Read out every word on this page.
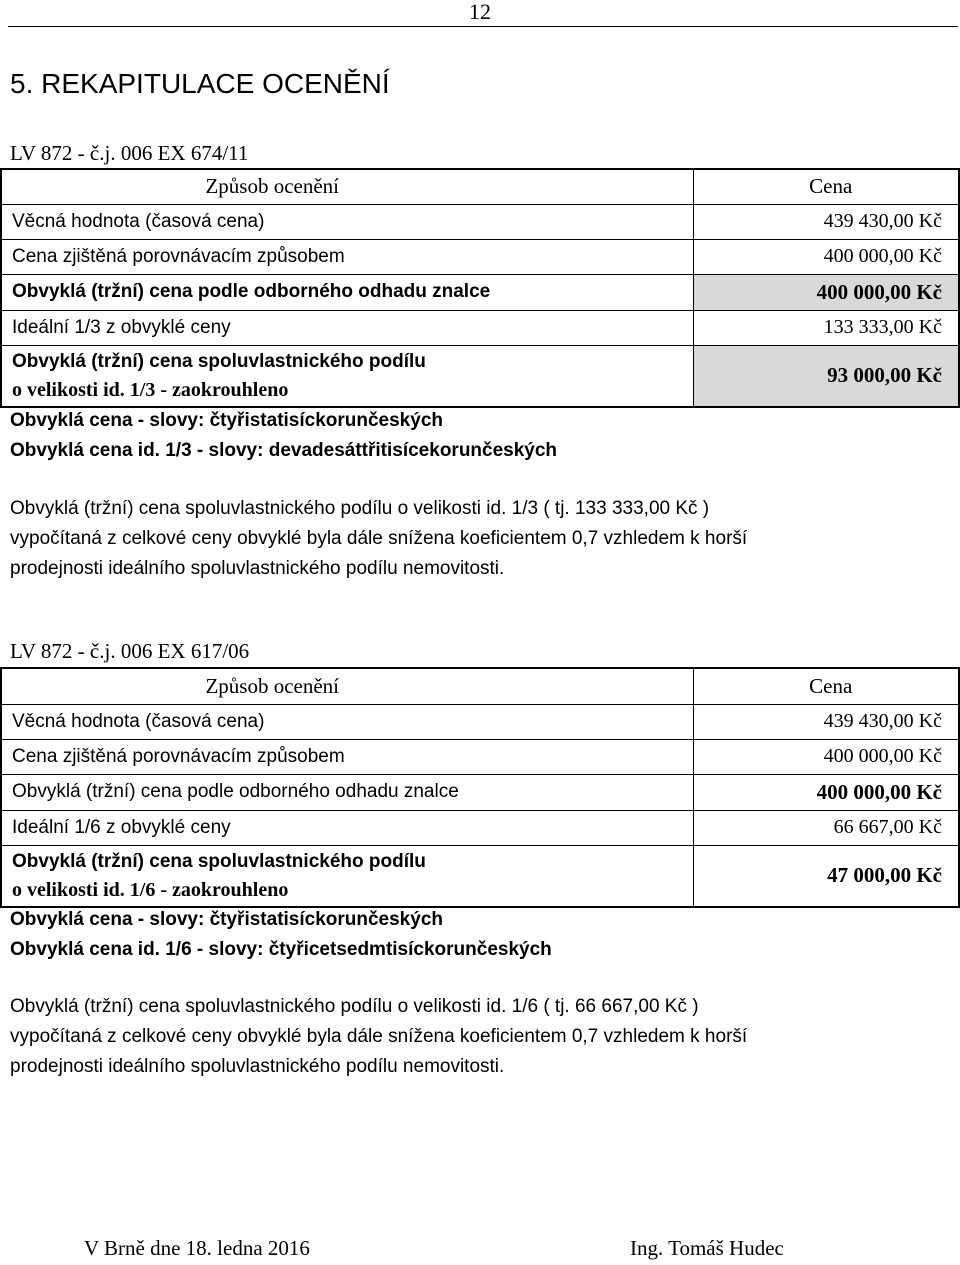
12
5. REKAPITULACE OCENĚNÍ
LV 872 - č.j. 006 EX 674/11
Způsob ocenění	Cena
Věcná hodnota (časová cena)	439 430,00 Kč
Cena zjištěná porovnávacím způsobem	400 000,00 Kč
Obvyklá (tržní) cena podle odborného odhadu znalce	400 000,00 Kč
Ideální 1/3 z obvyklé ceny	133 333,00 Kč

Obvyklá (tržní) cena spoluvlastnického podílu
o velikosti id. 1/3 - zaokrouhleno	93 000,00 Kč
Obvyklá cena - slovy: čtyřistatisíckorunčeských
Obvyklá cena id. 1/3 - slovy: devadesáttřitisícekorunčeských
Obvyklá (tržní) cena spoluvlastnického podílu o velikosti id. 1/3 ( tj. 133 333,00 Kč )
vypočítaná z celkové ceny obvyklé byla dále snížena koeficientem 0,7 vzhledem k horší
prodejnosti ideálního spoluvlastnického podílu nemovitosti.
LV 872 - č.j. 006 EX 617/06
Způsob ocenění	Cena
Věcná hodnota (časová cena)	439 430,00 Kč
Cena zjištěná porovnávacím způsobem	400 000,00 Kč
Obvyklá (tržní) cena podle odborného odhadu znalce	400 000,00 Kč
Ideální 1/6 z obvyklé ceny	66 667,00 Kč

Obvyklá (tržní) cena spoluvlastnického podílu
o velikosti id. 1/6 - zaokrouhleno	47 000,00 Kč
Obvyklá cena - slovy: čtyřistatisíckorunčeských
Obvyklá cena id. 1/6 - slovy: čtyřicetsedmtisíckorunčeských
Obvyklá (tržní) cena spoluvlastnického podílu o velikosti id. 1/6 ( tj. 66 667,00 Kč )
vypočítaná z celkové ceny obvyklé byla dále snížena koeficientem 0,7 vzhledem k horší
prodejnosti ideálního spoluvlastnického podílu nemovitosti.
V Brně dne 18. ledna 2016	Ing. Tomáš Hudec
